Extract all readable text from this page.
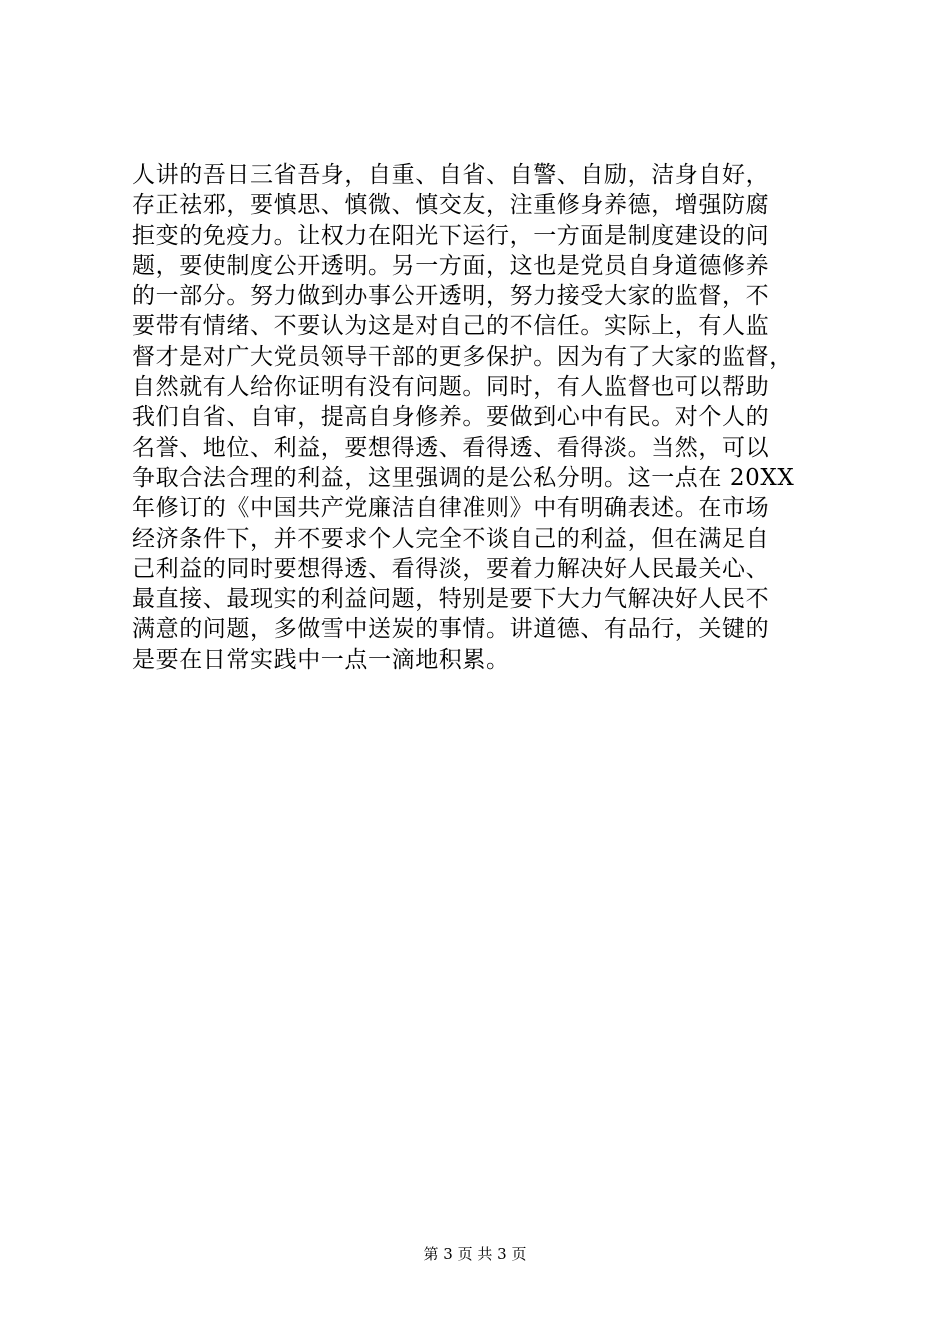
人讲的吾日三省吾身，自重、自省、自警、自励，洁身自好，
存正祛邪，要慎思、慎微、慎交友，注重修身养德，增强防腐
拒变的免疫力。让权力在阳光下运行，一方面是制度建设的问
题，要使制度公开透明。另一方面，这也是党员自身道德修养
的一部分。努力做到办事公开透明，努力接受大家的监督，不
要带有情绪、不要认为这是对自己的不信任。实际上，有人监
督才是对广大党员领导干部的更多保护。因为有了大家的监督，
自然就有人给你证明有没有问题。同时，有人监督也可以帮助
我们自省、自审，提高自身修养。要做到心中有民。对个人的
名誉、地位、利益，要想得透、看得透、看得淡。当然，可以
争取合法合理的利益，这里强调的是公私分明。这一点在 20XX
年修订的《中国共产党廉洁自律准则》中有明确表述。在市场
经济条件下，并不要求个人完全不谈自己的利益，但在满足自
己利益的同时要想得透、看得淡，要着力解决好人民最关心、
最直接、最现实的利益问题，特别是要下大力气解决好人民不
满意的问题，多做雪中送炭的事情。讲道德、有品行，关键的
是要在日常实践中一点一滴地积累。
第 3 页 共 3 页
